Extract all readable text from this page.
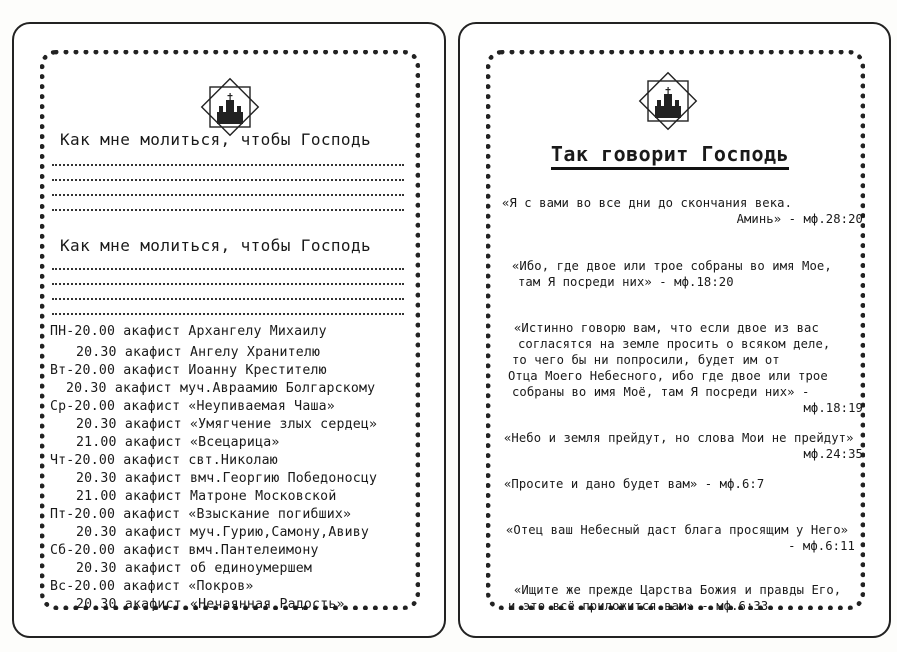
Как мне молиться, чтобы Господь
Как мне молиться, чтобы Господь
ПН-20.00 акафист Архангелу Михаилу
20.30 акафист Ангелу Хранителю
Вт-20.00 акафист Иоанну Крестителю
20.30 акафист муч.Авраамию Болгарскому
Ср-20.00 акафист «Неупиваемая Чаша»
20.30 акафист «Умягчение злых сердец»
21.00 акафист «Всецарица»
Чт-20.00 акафист свт.Николаю
20.30 акафист вмч.Георгию Победоносцу
21.00 акафист Матроне Московской
Пт-20.00 акафист «Взыскание погибших»
20.30 акафист муч.Гурию,Самону,Авиву
Сб-20.00 акафист вмч.Пантелеимону
20.30 акафист об единоумершем
Вс-20.00 акафист «Покров»
20.30 акафист «Нечаянная Радость»
Так говорит Господь
«Я с вами во все дни до скончания века.
Аминь» - мф.28:20
«Ибо, где двое или трое собраны во имя Мое,
там Я посреди них» - мф.18:20
«Истинно говорю вам, что если двое из вас
согласятся на земле просить о всяком деле,
то чего бы ни попросили, будет им от
Отца Моего Небесного, ибо где двое или трое
собраны во имя Моё, там Я посреди них» -
мф.18:19
«Небо и земля прейдут, но слова Мои не прейдут»
мф.24:35
«Просите и дано будет вам» - мф.6:7
«Отец ваш Небесный даст блага просящим у Него»
- мф.6:11
«Ищите же прежде Царства Божия и правды Его,
и это всё приложится вам» - мф.6:33
